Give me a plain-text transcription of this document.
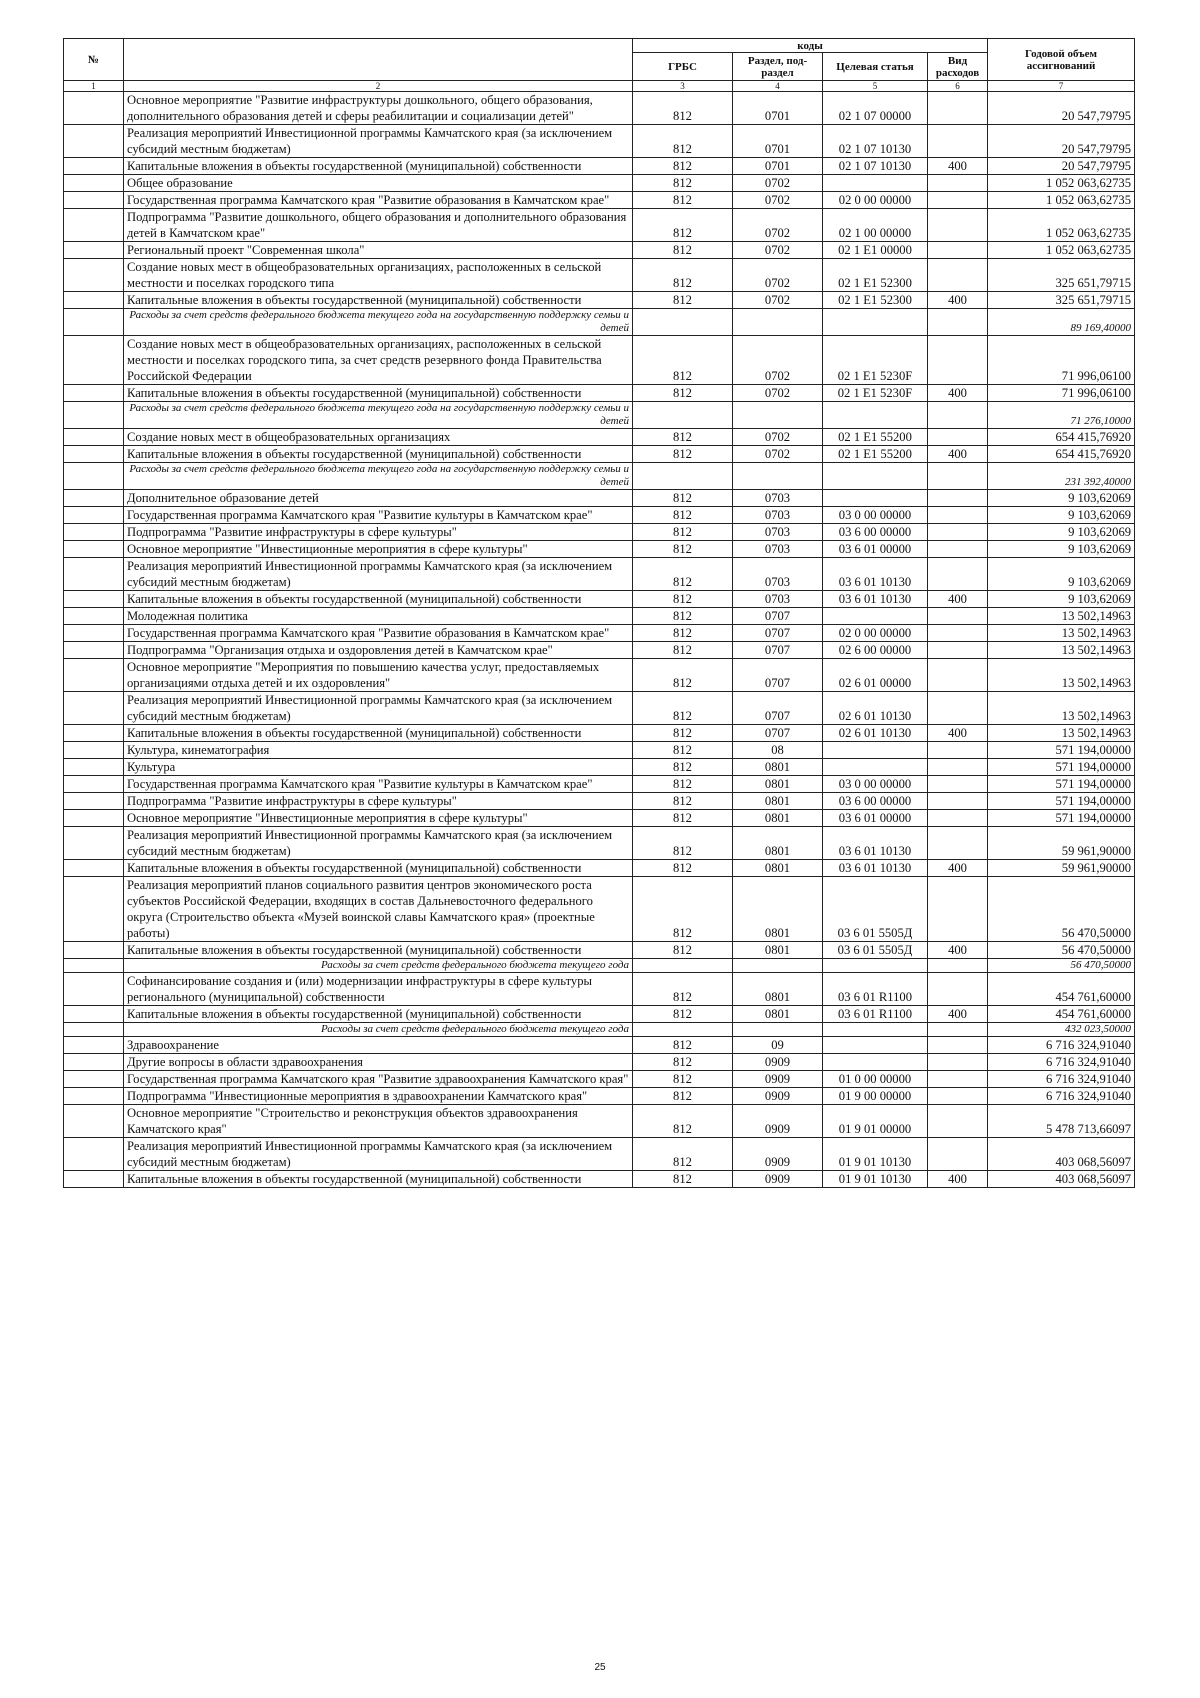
№		коды				Годовой объем ассигнований
		ГРБС	Раздел, под-раздел	Целевая статья	Вид расходов	
1	2	3	4	5	6	7
	Основное мероприятие "Развитие инфраструктуры дошкольного, общего образования, дополнительного образования детей и сферы реабилитации и социализации детей"	812	0701	02 1 07 00000		20 547,79795
	Реализация мероприятий Инвестиционной программы Камчатского края (за исключением субсидий местным бюджетам)	812	0701	02 1 07 10130		20 547,79795
	Капитальные вложения в объекты государственной (муниципальной) собственности	812	0701	02 1 07 10130	400	20 547,79795
	Общее образование	812	0702			1 052 063,62735
	Государственная программа Камчатского края "Развитие образования в Камчатском крае"	812	0702	02 0 00 00000		1 052 063,62735
	Подпрограмма "Развитие дошкольного, общего образования и дополнительного образования детей в Камчатском крае"	812	0702	02 1 00 00000		1 052 063,62735
	Региональный проект "Современная школа"	812	0702	02 1 E1 00000		1 052 063,62735
	Создание новых мест в общеобразовательных организациях, расположенных в сельской местности и поселках городского типа	812	0702	02 1 E1 52300		325 651,79715
	Капитальные вложения в объекты государственной (муниципальной) собственности	812	0702	02 1 E1 52300	400	325 651,79715
	Расходы за счет средств федерального бюджета текущего года на государственную поддержку семьи и детей					89 169,40000
	Создание новых мест в общеобразовательных организациях, расположенных в сельской местности и поселках городского типа, за счет средств резервного фонда Правительства Российской Федерации	812	0702	02 1 E1 5230F		71 996,06100
	Капитальные вложения в объекты государственной (муниципальной) собственности	812	0702	02 1 E1 5230F	400	71 996,06100
	Расходы за счет средств федерального бюджета текущего года на государственную поддержку семьи и детей					71 276,10000
	Создание новых мест в общеобразовательных организациях	812	0702	02 1 E1 55200		654 415,76920
	Капитальные вложения в объекты государственной (муниципальной) собственности	812	0702	02 1 E1 55200	400	654 415,76920
	Расходы за счет средств федерального бюджета текущего года на государственную поддержку семьи и детей					231 392,40000
	Дополнительное образование детей	812	0703			9 103,62069
	Государственная программа Камчатского края "Развитие культуры в Камчатском крае"	812	0703	03 0 00 00000		9 103,62069
	Подпрограмма "Развитие инфраструктуры в сфере культуры"	812	0703	03 6 00 00000		9 103,62069
	Основное мероприятие "Инвестиционные мероприятия в сфере культуры"	812	0703	03 6 01 00000		9 103,62069
	Реализация мероприятий Инвестиционной программы Камчатского края (за исключением субсидий местным бюджетам)	812	0703	03 6 01 10130		9 103,62069
	Капитальные вложения в объекты государственной (муниципальной) собственности	812	0703	03 6 01 10130	400	9 103,62069
	Молодежная политика	812	0707			13 502,14963
	Государственная программа Камчатского края "Развитие образования в Камчатском крае"	812	0707	02 0 00 00000		13 502,14963
	Подпрограмма "Организация отдыха и оздоровления детей в Камчатском крае"	812	0707	02 6 00 00000		13 502,14963
	Основное мероприятие "Мероприятия по повышению качества услуг, предоставляемых организациями отдыха детей и их оздоровления"	812	0707	02 6 01 00000		13 502,14963
	Реализация мероприятий Инвестиционной программы Камчатского края (за исключением субсидий местным бюджетам)	812	0707	02 6 01 10130		13 502,14963
	Капитальные вложения в объекты государственной (муниципальной) собственности	812	0707	02 6 01 10130	400	13 502,14963
	Культура, кинематография	812	08			571 194,00000
	Культура	812	0801			571 194,00000
	Государственная программа Камчатского края "Развитие культуры в Камчатском крае"	812	0801	03 0 00 00000		571 194,00000
	Подпрограмма "Развитие инфраструктуры в сфере культуры"	812	0801	03 6 00 00000		571 194,00000
	Основное мероприятие "Инвестиционные мероприятия в сфере культуры"	812	0801	03 6 01 00000		571 194,00000
	Реализация мероприятий Инвестиционной программы Камчатского края (за исключением субсидий местным бюджетам)	812	0801	03 6 01 10130		59 961,90000
	Капитальные вложения в объекты государственной (муниципальной) собственности	812	0801	03 6 01 10130	400	59 961,90000
	Реализация мероприятий планов социального развития центров экономического роста субъектов Российской Федерации, входящих в состав Дальневосточного федерального округа (Строительство объекта «Музей воинской славы Камчатского края» (проектные работы)	812	0801	03 6 01 5505Д		56 470,50000
	Капитальные вложения в объекты государственной (муниципальной) собственности	812	0801	03 6 01 5505Д	400	56 470,50000
	Расходы за счет средств федерального бюджета текущего года					56 470,50000
	Софинансирование создания и (или) модернизации инфраструктуры в сфере культуры регионального (муниципальной) собственности	812	0801	03 6 01 R1100		454 761,60000
	Капитальные вложения в объекты государственной (муниципальной) собственности	812	0801	03 6 01 R1100	400	454 761,60000
	Расходы за счет средств федерального бюджета текущего года					432 023,50000
	Здравоохранение	812	09			6 716 324,91040
	Другие вопросы в области здравоохранения	812	0909			6 716 324,91040
	Государственная программа Камчатского края "Развитие здравоохранения Камчатского края"	812	0909	01 0 00 00000		6 716 324,91040
	Подпрограмма "Инвестиционные мероприятия в здравоохранении Камчатского края"	812	0909	01 9 00 00000		6 716 324,91040
	Основное мероприятие "Строительство и реконструкция объектов здравоохранения Камчатского края"	812	0909	01 9 01 00000		5 478 713,66097
	Реализация мероприятий Инвестиционной программы Камчатского края (за исключением субсидий местным бюджетам)	812	0909	01 9 01 10130		403 068,56097
	Капитальные вложения в объекты государственной (муниципальной) собственности	812	0909	01 9 01 10130	400	403 068,56097
25
